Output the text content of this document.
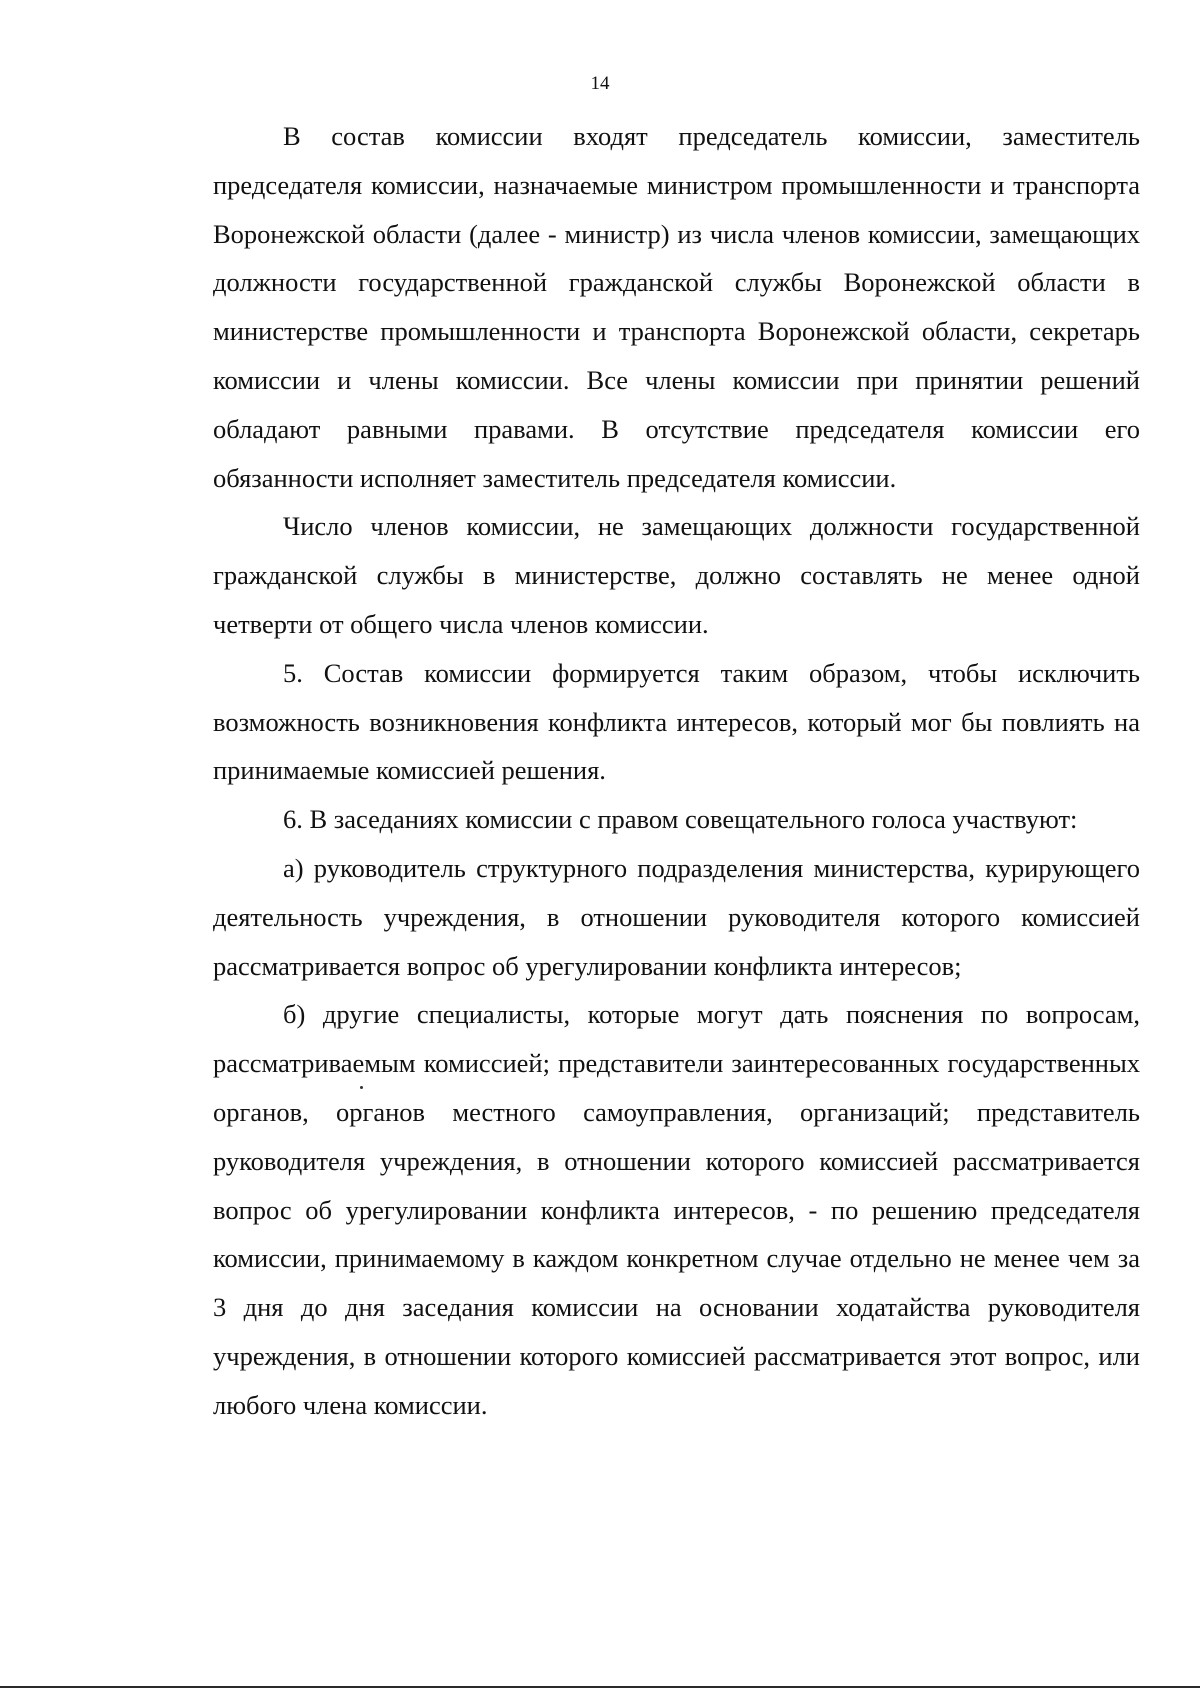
14

В состав комиссии входят председатель комиссии, заместитель председателя комиссии, назначаемые министром промышленности и транспорта Воронежской области (далее - министр) из числа членов комиссии, замещающих должности государственной гражданской службы Воронежской области в министерстве промышленности и транспорта Воронежской области, секретарь комиссии и члены комиссии. Все члены комиссии при принятии решений обладают равными правами. В отсутствие председателя комиссии его обязанности исполняет заместитель председателя комиссии.

Число членов комиссии, не замещающих должности государственной гражданской службы в министерстве, должно составлять не менее одной четверти от общего числа членов комиссии.

5. Состав комиссии формируется таким образом, чтобы исключить возможность возникновения конфликта интересов, который мог бы повлиять на принимаемые комиссией решения.

6. В заседаниях комиссии с правом совещательного голоса участвуют:

а) руководитель структурного подразделения министерства, курирующего деятельность учреждения, в отношении руководителя которого комиссией рассматривается вопрос об урегулировании конфликта интересов;

б) другие специалисты, которые могут дать пояснения по вопросам, рассматриваемым комиссией; представители заинтересованных государственных органов, органов местного самоуправления, организаций; представитель руководителя учреждения, в отношении которого комиссией рассматривается вопрос об урегулировании конфликта интересов, - по решению председателя комиссии, принимаемому в каждом конкретном случае отдельно не менее чем за 3 дня до дня заседания комиссии на основании ходатайства руководителя учреждения, в отношении которого комиссией рассматривается этот вопрос, или любого члена комиссии.
